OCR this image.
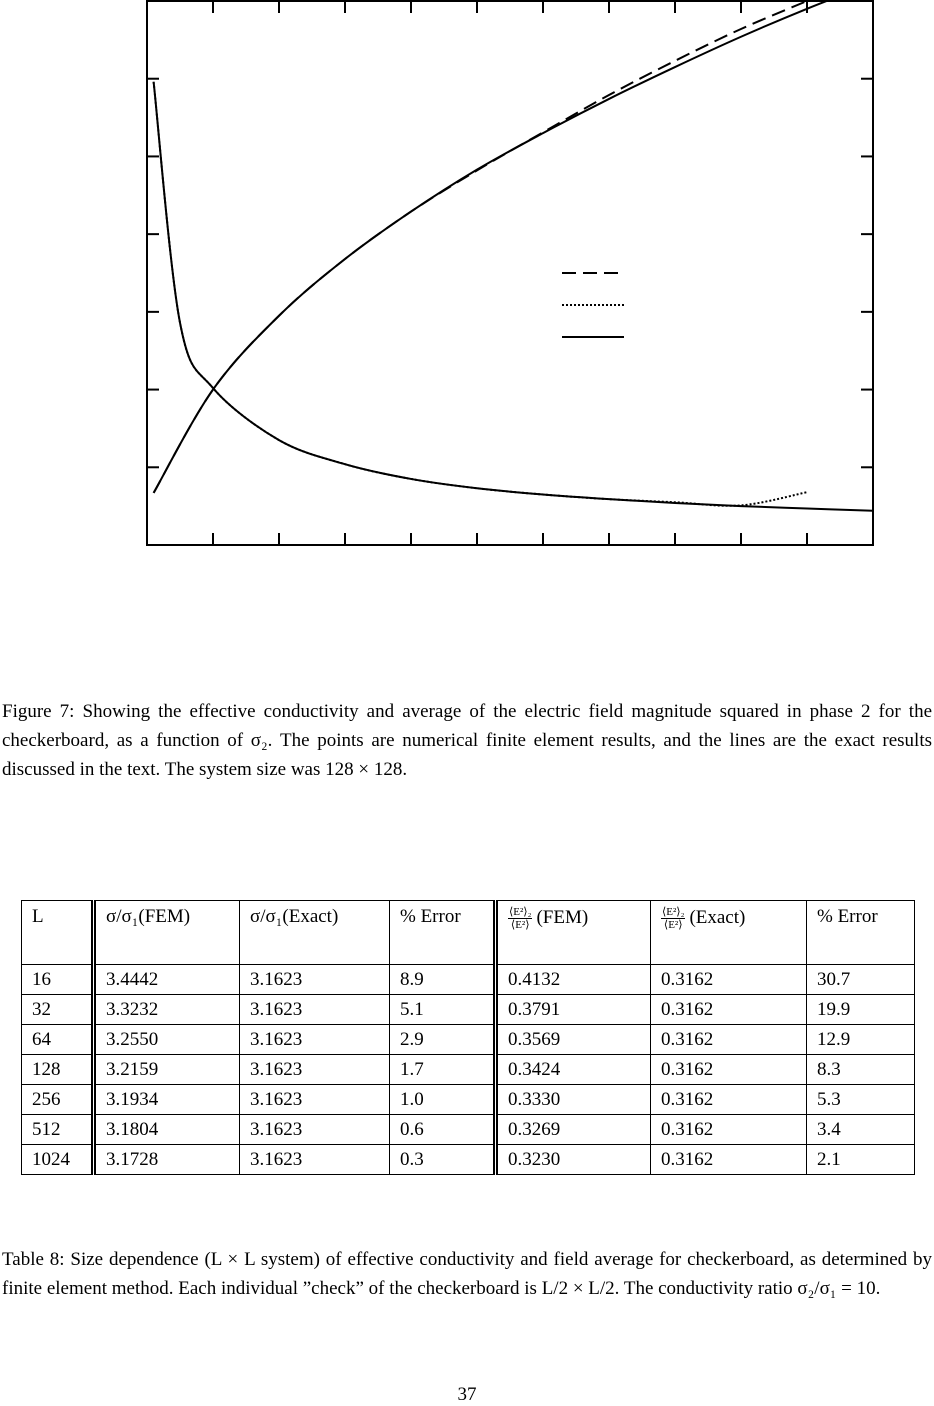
Figure 7: Showing the effective conductivity and average of the electric field magnitude squared in phase 2 for the checkerboard, as a function of σ₂. The points are numerical finite element results, and the lines are the exact results discussed in the text. The system size was 128 × 128.
L	σ/σ₁(FEM)	σ/σ₁(Exact)	% Error	$\frac{\text{⟨E²⟩₂}}{\text{⟨E²⟩}} (FEM)$	$\frac{\text{⟨E²⟩₂}}{\text{⟨E²⟩}}$ (Exact)	% Error
16	3.4442	3.1623	8.9	0.4132	0.3162	30.7
32	3.3232	3.1623	5.1	0.3791	0.3162	19.9
64	3.2550	3.1623	2.9	0.3569	0.3162	12.9
128	3.2159	3.1623	1.7	0.3424	0.3162	8.3
256	3.1934	3.1623	1.0	0.3330	0.3162	5.3
512	3.1804	3.1623	0.6	0.3269	0.3162	3.4
1024	3.1728	3.1623	0.3	0.3230	0.3162	2.1
Table 8: Size dependence (L × L system) of effective conductivity and field average for checkerboard, as determined by finite element method. Each individual ”check” of the checkerboard is L/2 × L/2. The conductivity ratio σ₂/σ₁ = 10.
37
